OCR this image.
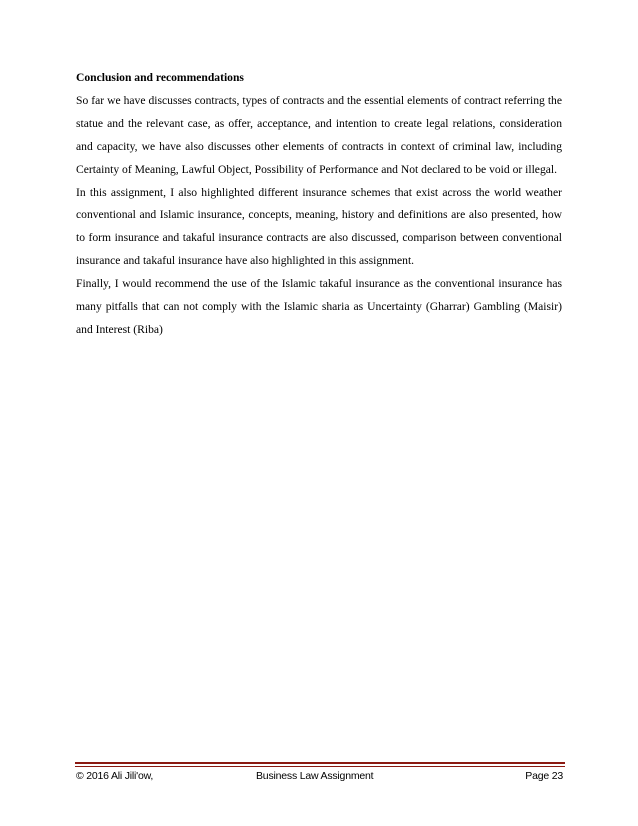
Conclusion and recommendations

So far we have discusses contracts, types of contracts and the essential elements of contract referring the statue and the relevant case, as offer, acceptance, and intention to create legal relations, consideration and capacity, we have also discusses other elements of contracts in context of criminal law, including Certainty of Meaning, Lawful Object, Possibility of Performance and Not declared to be void or illegal.

In this assignment, I also highlighted different insurance schemes that exist across the world weather conventional and Islamic insurance, concepts, meaning, history and definitions are also presented, how to form insurance and takaful insurance contracts are also discussed, comparison between conventional insurance and takaful insurance have also highlighted in this assignment.

Finally, I would recommend the use of the Islamic takaful insurance as the conventional insurance has many pitfalls that can not comply with the Islamic sharia as Uncertainty (Gharrar) Gambling (Maisir) and Interest (Riba)

© 2016 Ali Jili'ow,	Business Law Assignment	Page 23
